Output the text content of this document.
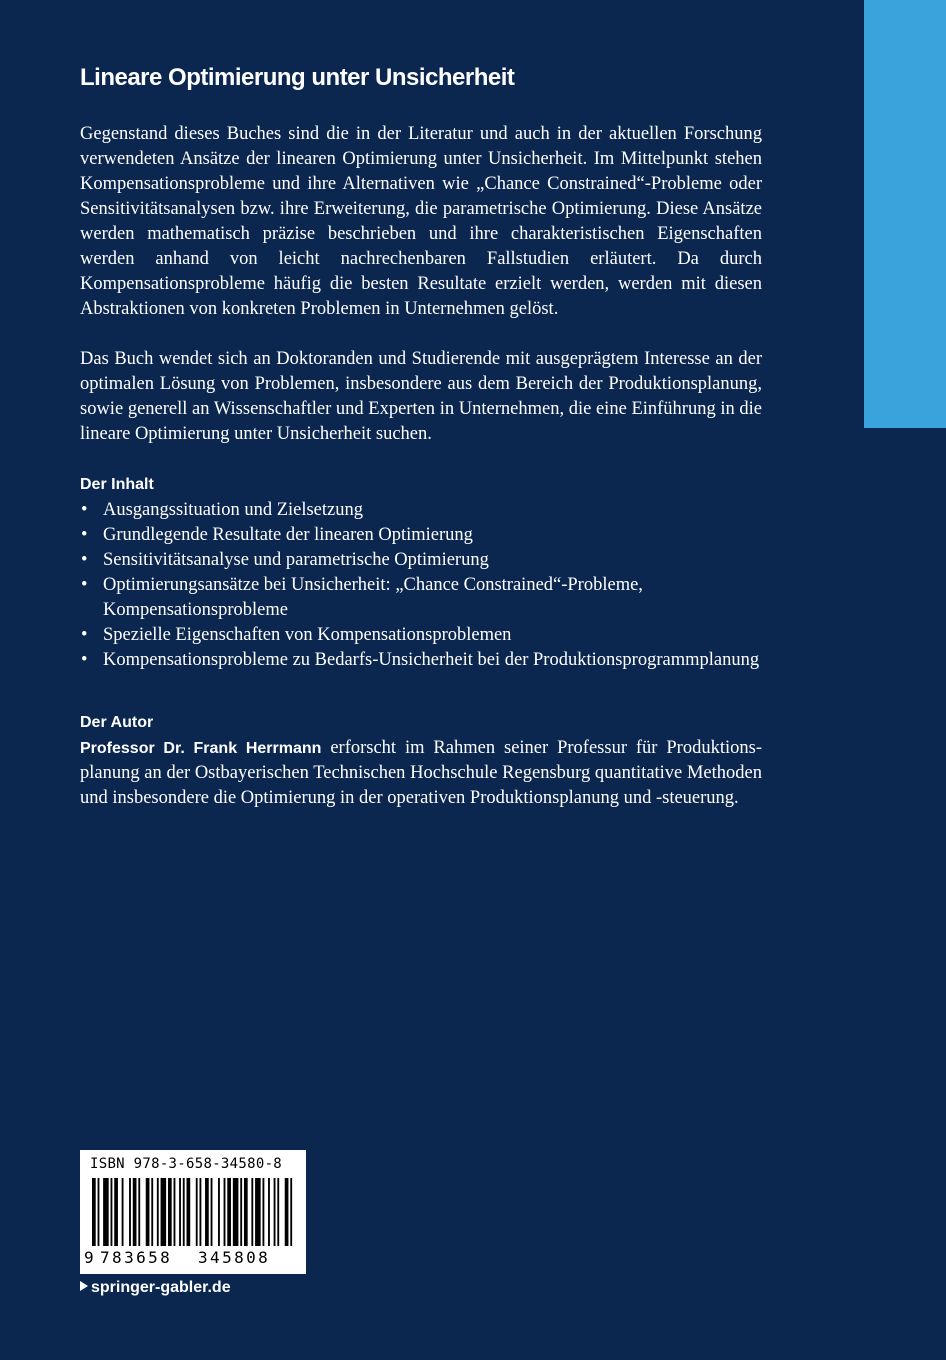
Lineare Optimierung unter Unsicherheit

Gegenstand dieses Buches sind die in der Literatur und auch in der aktuellen Forschung verwendeten Ansätze der linearen Optimierung unter Unsicherheit. Im Mittelpunkt stehen Kompensationsprobleme und ihre Alternativen wie „Chance Constrained“-Probleme oder Sensitivitätsanalysen bzw. ihre Erweiterung, die parametrische Optimierung. Diese Ansätze werden mathematisch präzise beschrieben und ihre charakteristischen Eigenschaften werden anhand von leicht nachrechenbaren Fallstudien erläutert. Da durch Kompensationsprobleme häufig die besten Resultate erzielt werden, werden mit diesen Abstraktionen von konkreten Problemen in Unternehmen gelöst.

Das Buch wendet sich an Doktoranden und Studierende mit ausgeprägtem Interesse an der optimalen Lösung von Problemen, insbesondere aus dem Bereich der Produktionsplanung, sowie generell an Wissenschaftler und Experten in Unternehmen, die eine Einführung in die lineare Optimierung unter Unsicherheit suchen.

Der Inhalt
• Ausgangssituation und Zielsetzung
• Grundlegende Resultate der linearen Optimierung
• Sensitivitätsanalyse und parametrische Optimierung
• Optimierungsansätze bei Unsicherheit: „Chance Constrained“-Probleme, Kompensationsprobleme
• Spezielle Eigenschaften von Kompensationsproblemen
• Kompensationsprobleme zu Bedarfs-Unsicherheit bei der Produktionsprogrammplanung
Der Autor

Professor Dr. Frank Herrmann erforscht im Rahmen seiner Professur für Produktionsplanung an der Ostbayerischen Technischen Hochschule Regensburg quantitative Methoden und insbesondere die Optimierung in der operativen Produktionsplanung und -steuerung.

ISBN 978-3-658-34580-8
9 783658 345808
springer-gabler.de
